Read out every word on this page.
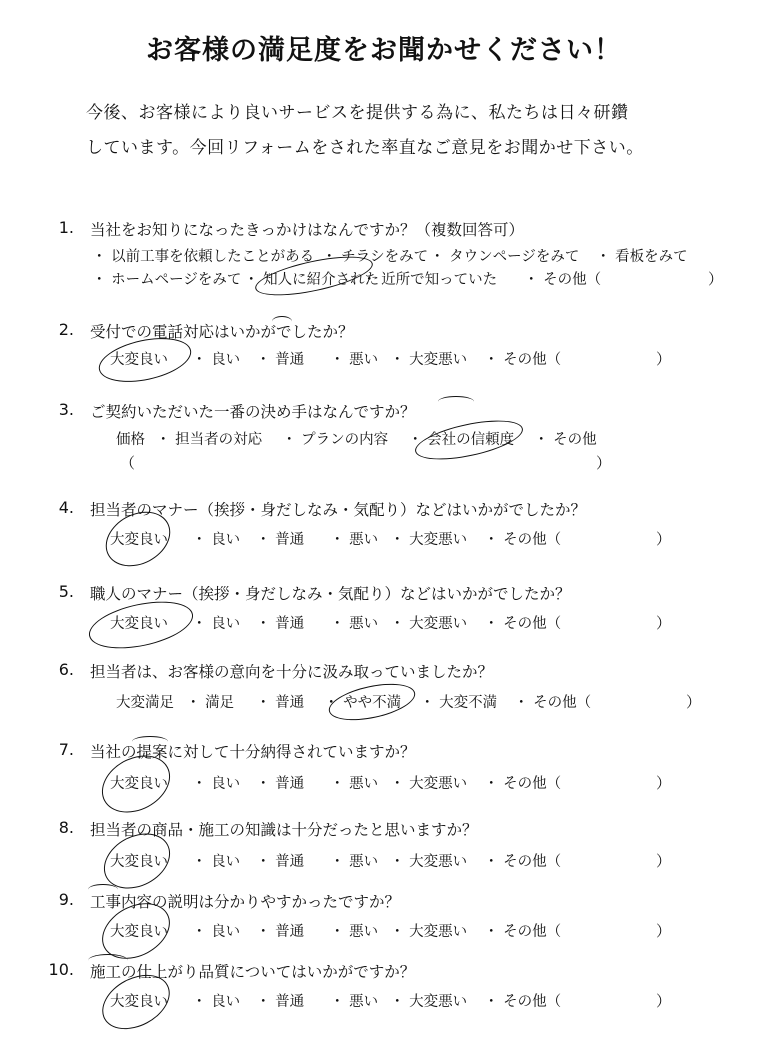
お客様の満足度をお聞かせください！
今後、お客様により良いサービスを提供する為に、私たちは日々研鑽
しています。今回リフォームをされた率直なご意見をお聞かせ下さい。
1. 当社をお知りになったきっかけはなんですか？（複数回答可）
・ 以前工事を依頼したことがある ・ チラシをみて ・ タウンページをみて ・ 看板をみて
・ ホームページをみて ・ 知人に紹介された
・ 近所で知っていた ・ その他（	）
2. 受付での電話対応はいかがでしたか？
大変良い ・ 良い ・ 普通 ・ 悪い ・ 大変悪い ・ その他（	）
3. ご契約いただいた一番の決め手はなんですか？
価格 ・ 担当者の対応 ・ プランの内容 ・ 会社の信頼度 ・ その他
（	）
4. 担当者のマナー（挨拶・身だしなみ・気配り）などはいかがでしたか？
大変良い ・ 良い ・ 普通 ・ 悪い ・ 大変悪い ・ その他（	）
5. 職人のマナー（挨拶・身だしなみ・気配り）などはいかがでしたか？
大変良い ・ 良い ・ 普通 ・ 悪い ・ 大変悪い ・ その他（	）
6. 担当者は、お客様の意向を十分に汲み取っていましたか？
大変満足 ・ 満足 ・ 普通 ・ やや不満 ・ 大変不満 ・ その他（	）
7. 当社の提案に対して十分納得されていますか？
大変良い ・ 良い ・ 普通 ・ 悪い ・ 大変悪い ・ その他（	）
8. 担当者の商品・施工の知識は十分だったと思いますか？
大変良い ・ 良い ・ 普通 ・ 悪い ・ 大変悪い ・ その他（	）
9. 工事内容の説明は分かりやすかったですか？
大変良い ・ 良い ・ 普通 ・ 悪い ・ 大変悪い ・ その他（	）
10. 施工の仕上がり品質についてはいかがですか？
大変良い ・ 良い ・ 普通 ・ 悪い ・ 大変悪い ・ その他（	）
